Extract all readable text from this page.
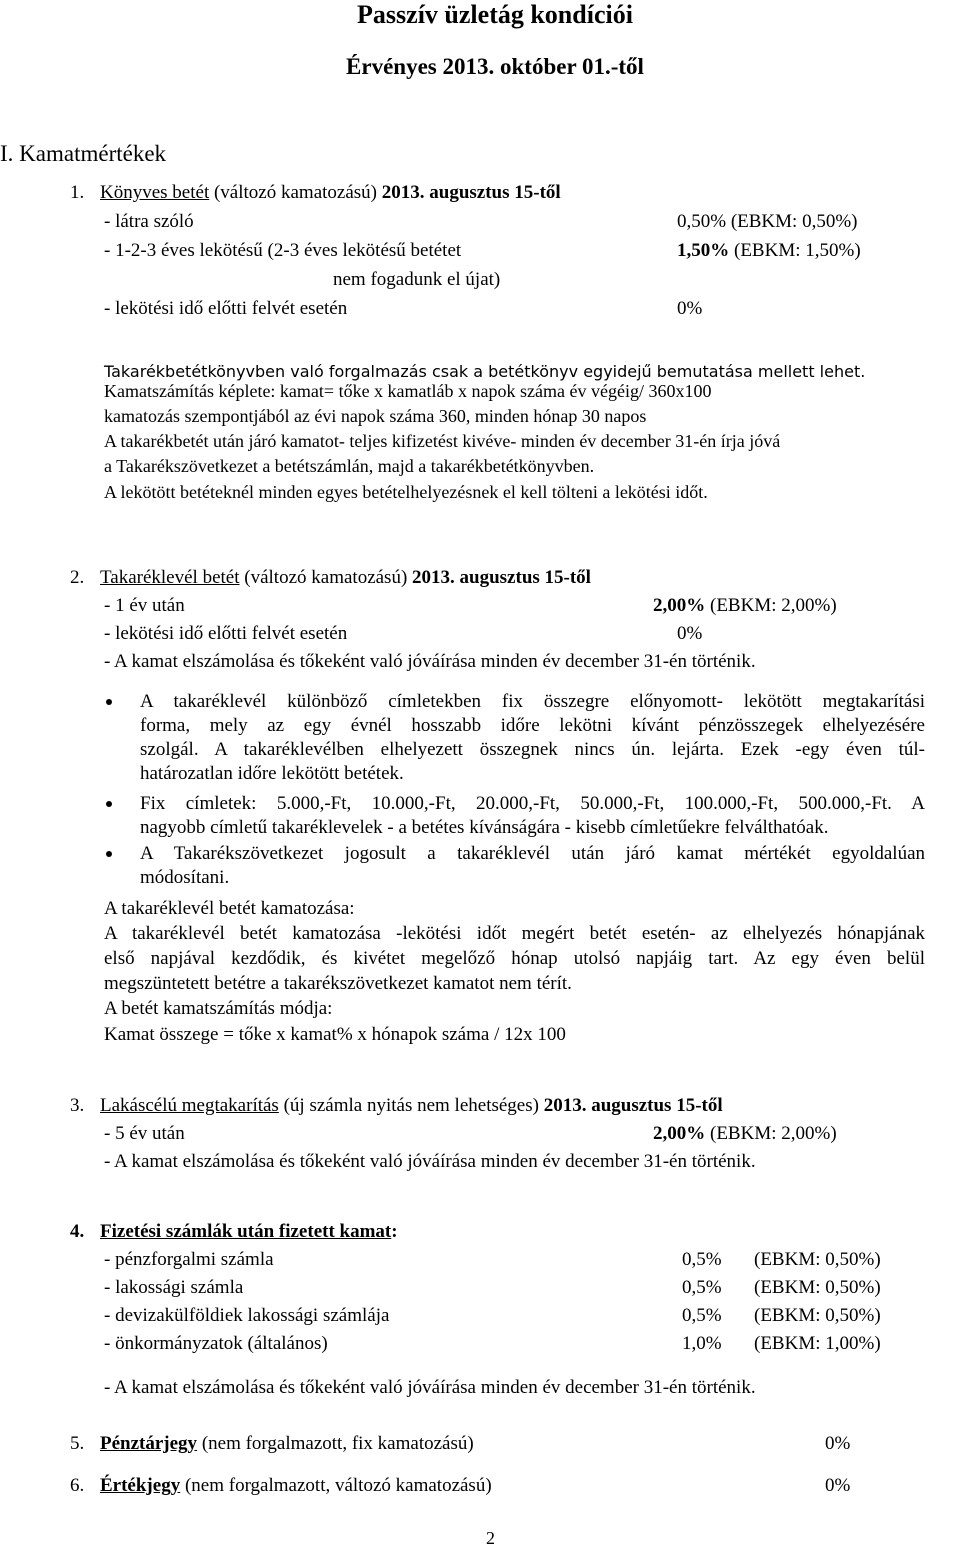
Passzív üzletág kondíciói
Érvényes 2013. október 01.-től
I. Kamatmértékek
1. Könyves betét (változó kamatozású) 2013. augusztus 15-től
- látra szóló	0,50% (EBKM: 0,50%)
- 1-2-3 éves lekötésű (2-3 éves lekötésű betétet	1,50% (EBKM: 1,50%)
nem fogadunk el újat)
- lekötési idő előtti felvét esetén	0%
Takarékbetétkönyvben való forgalmazás csak a betétkönyv egyidejű bemutatása mellett lehet.
Kamatszámítás képlete: kamat= tőke x kamatláb x napok száma év végéig/ 360x100
kamatozás szempontjából az évi napok száma 360, minden hónap 30 napos
A takarékbetét után járó kamatot- teljes kifizetést kivéve- minden év december 31-én írja jóvá
a Takarékszövetkezet a betétszámlán, majd a takarékbetétkönyvben.
A lekötött betéteknél minden egyes betételhelyezésnek el kell tölteni a lekötési időt.
2. Takaréklevél betét (változó kamatozású) 2013. augusztus 15-től
- 1 év után	2,00% (EBKM: 2,00%)
- lekötési idő előtti felvét esetén	0%
- A kamat elszámolása és tőkeként való jóváírása minden év december 31-én történik.
A takaréklevél különböző címletekben fix összegre előnyomott- lekötött megtakarítási
forma, mely az egy évnél hosszabb időre lekötni kívánt pénzösszegek elhelyezésére
szolgál. A takaréklevélben elhelyezett összegnek nincs ún. lejárta. Ezek -egy éven túl-
határozatlan időre lekötött betétek.
Fix címletek: 5.000,-Ft, 10.000,-Ft, 20.000,-Ft, 50.000,-Ft, 100.000,-Ft, 500.000,-Ft. A
nagyobb címletű takaréklevelek - a betétes kívánságára - kisebb címletűekre felválthatóak.
A Takarékszövetkezet jogosult a takaréklevél után járó kamat mértékét egyoldalúan
módosítani.
A takaréklevél betét kamatozása:
A takaréklevél betét kamatozása -lekötési időt megért betét esetén- az elhelyezés hónapjának
első napjával kezdődik, és kivétet megelőző hónap utolsó napjáig tart. Az egy éven belül
megszüntetett betétre a takarékszövetkezet kamatot nem térít.
A betét kamatszámítás módja:
Kamat összege = tőke x kamat% x hónapok száma / 12x 100
3. Lakáscélú megtakarítás (új számla nyitás nem lehetséges) 2013. augusztus 15-től
- 5 év után	2,00% (EBKM: 2,00%)
- A kamat elszámolása és tőkeként való jóváírása minden év december 31-én történik.
4. Fizetési számlák után fizetett kamat:
- pénzforgalmi számla	0,5% (EBKM: 0,50%)
- lakossági számla	0,5% (EBKM: 0,50%)
- devizakülföldiek lakossági számlája	0,5% (EBKM: 0,50%)
- önkormányzatok (általános)	1,0% (EBKM: 1,00%)
- A kamat elszámolása és tőkeként való jóváírása minden év december 31-én történik.
5. Pénztárjegy (nem forgalmazott, fix kamatozású)	0%
6. Értékjegy (nem forgalmazott, változó kamatozású)	0%
2
